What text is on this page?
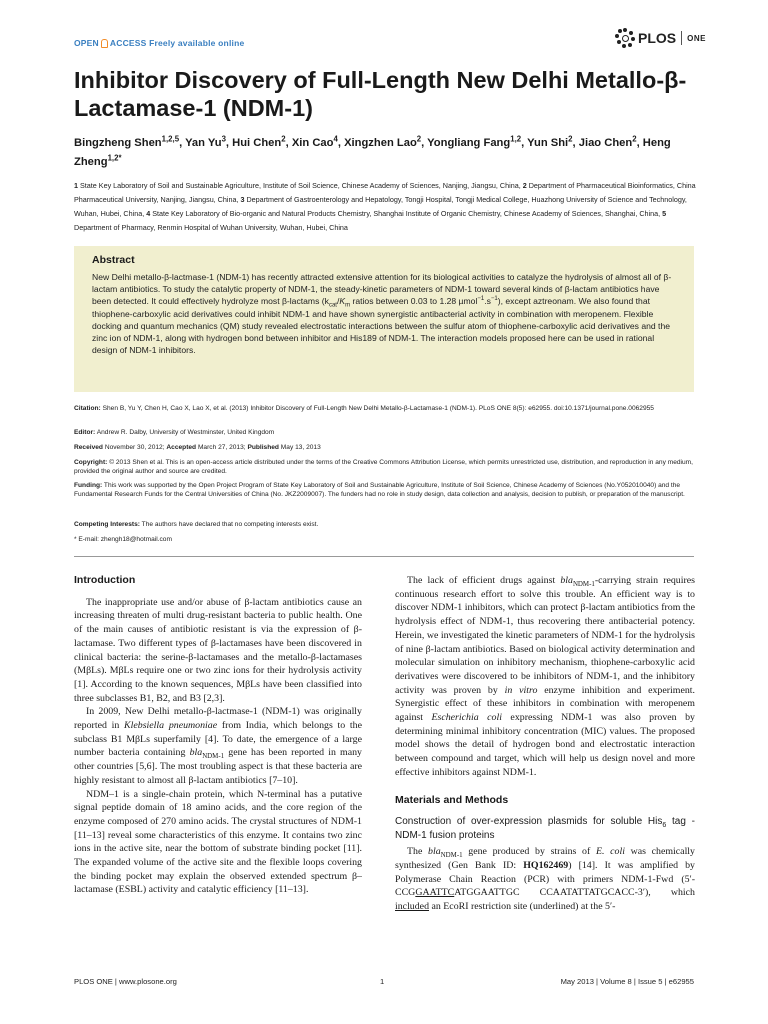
OPEN ACCESS Freely available online	PLOS ONE
Inhibitor Discovery of Full-Length New Delhi Metallo-β-Lactamase-1 (NDM-1)
Bingzheng Shen$^{1,2,5}$, Yan Yu$^3$, Hui Chen$^2$, Xin Cao$^4$, Xingzhen Lao$^2$, Yongliang Fang$^{1,2}$, Yun Shi$^2$, Jiao Chen$^2$, Heng Zheng$^{1,2*}$
1 State Key Laboratory of Soil and Sustainable Agriculture, Institute of Soil Science, Chinese Academy of Sciences, Nanjing, Jiangsu, China, 2 Department of Pharmaceutical Bioinformatics, China Pharmaceutical University, Nanjing, Jiangsu, China, 3 Department of Gastroenterology and Hepatology, Tongji Hospital, Tongji Medical College, Huazhong University of Science and Technology, Wuhan, Hubei, China, 4 State Key Laboratory of Bio-organic and Natural Products Chemistry, Shanghai Institute of Organic Chemistry, Chinese Academy of Sciences, Shanghai, China, 5 Department of Pharmacy, Renmin Hospital of Wuhan University, Wuhan, Hubei, China
Abstract

New Delhi metallo-β-lactmase-1 (NDM-1) has recently attracted extensive attention for its biological activities to catalyze the hydrolysis of almost all of β-lactam antibiotics. To study the catalytic property of NDM-1, the steady-kinetic parameters of NDM-1 toward several kinds of β-lactam antibiotics have been detected. It could effectively hydrolyze most β-lactams ($k_{cat}/K_m$ ratios between 0.03 to 1.28 $\mu mol^{-1}.s^{-1}$), except aztreonam. We also found that thiophene-carboxylic acid derivatives could inhibit NDM-1 and have shown synergistic antibacterial activity in combination with meropenem. Flexible docking and quantum mechanics (QM) study revealed electrostatic interactions between the sulfur atom of thiophene-carboxylic acid derivatives and the zinc ion of NDM-1, along with hydrogen bond between inhibitor and His189 of NDM-1. The interaction models proposed here can be used in rational design of NDM-1 inhibitors.

Citation: Shen B, Yu Y, Chen H, Cao X, Lao X, et al. (2013) Inhibitor Discovery of Full-Length New Delhi Metallo-β-Lactamase-1 (NDM-1). PLoS ONE 8(5): e62955. doi:10.1371/journal.pone.0062955
Editor: Andrew R. Dalby, University of Westminster, United Kingdom
Received November 30, 2012; Accepted March 27, 2013; Published May 13, 2013
Copyright: © 2013 Shen et al. This is an open-access article distributed under the terms of the Creative Commons Attribution License, which permits unrestricted use, distribution, and reproduction in any medium, provided the original author and source are credited.
Funding: This work was supported by the Open Project Program of State Key Laboratory of Soil and Sustainable Agriculture, Institute of Soil Science, Chinese Academy of Sciences (No.Y052010040) and the Fundamental Research Funds for the Central Universities of China (No. JKZ2009007). The funders had no role in study design, data collection and analysis, decision to publish, or preparation of the manuscript.
Competing Interests: The authors have declared that no competing interests exist.
* E-mail: zhengh18@hotmail.com
Introduction

The inappropriate use and/or abuse of β-lactam antibiotics cause an increasing threaten of multi drug-resistant bacteria to public health. One of the main causes of antibiotic resistant is via the expression of β-lactamase. Two different types of β-lactamases have been discovered in clinical bacteria: the serine-β-lactamases and the metallo-β-lactamases (MβLs). MβLs require one or two zinc ions for their hydrolysis activity [1]. According to the known sequences, MβLs have been classified into three subclasses B1, B2, and B3 [2,3].

In 2009, New Delhi metallo-β-lactmase-1 (NDM-1) was originally reported in Klebsiella pneumoniae from India, which belongs to the subclass B1 MβLs superfamily [4]. To date, the emergence of a large number bacteria containing bla$_{NDM-1}$ gene has been reported in many other countries [5,6]. The most troubling aspect is that these bacteria are highly resistant to almost all β-lactam antibiotics [7–10].

NDM–1 is a single-chain protein, which N-terminal has a putative signal peptide domain of 18 amino acids, and the core region of the enzyme composed of 270 amino acids. The crystal structures of NDM-1 [11–13] reveal some characteristics of this enzyme. It contains two zinc ions in the active site, near the bottom of substrate binding pocket [11]. The expanded volume of the active site and the flexible loops covering the binding pocket may explain the observed extended spectrum β–lactamase (ESBL) activity and catalytic efficiency [11–13].

The lack of efficient drugs against bla$_{NDM-1}$-carrying strain requires continuous research effort to solve this trouble. An efficient way is to discover NDM-1 inhibitors, which can protect β-lactam antibiotics from the hydrolysis effect of NDM-1, thus recovering there antibacterial potency. Herein, we investigated the kinetic parameters of NDM-1 for the hydrolysis of nine β-lactam antibiotics. Based on biological activity determination and molecular simulation on inhibitory mechanism, thiophene-carboxylic acid derivatives were discovered to be inhibitors of NDM-1, and the inhibitory activity was proven by in vitro enzyme inhibition and experiment. Synergistic effect of these inhibitors in combination with meropenem against Escherichia coli expressing NDM-1 was also proven by determining minimal inhibitory concentration (MIC) values. The proposed model shows the detail of hydrogen bond and electrostatic interaction between compound and target, which will help us design novel and more effective inhibitors against NDM-1.

Materials and Methods
Construction of over-expression plasmids for soluble His$_6$ tag -NDM-1 fusion proteins

The bla$_{NDM-1}$ gene produced by strains of E. coli was chemically synthesized (Gen Bank ID: HQ162469) [14]. It was amplified by Polymerase Chain Reaction (PCR) with primers NDM-1-Fwd (5′-CCGGAATTCATGGAATTGC CCAATATTATGCACC-3′), which included an EcoRI restriction site (underlined) at the 5′-

PLOS ONE | www.plosone.org	1	May 2013 | Volume 8 | Issue 5 | e62955
